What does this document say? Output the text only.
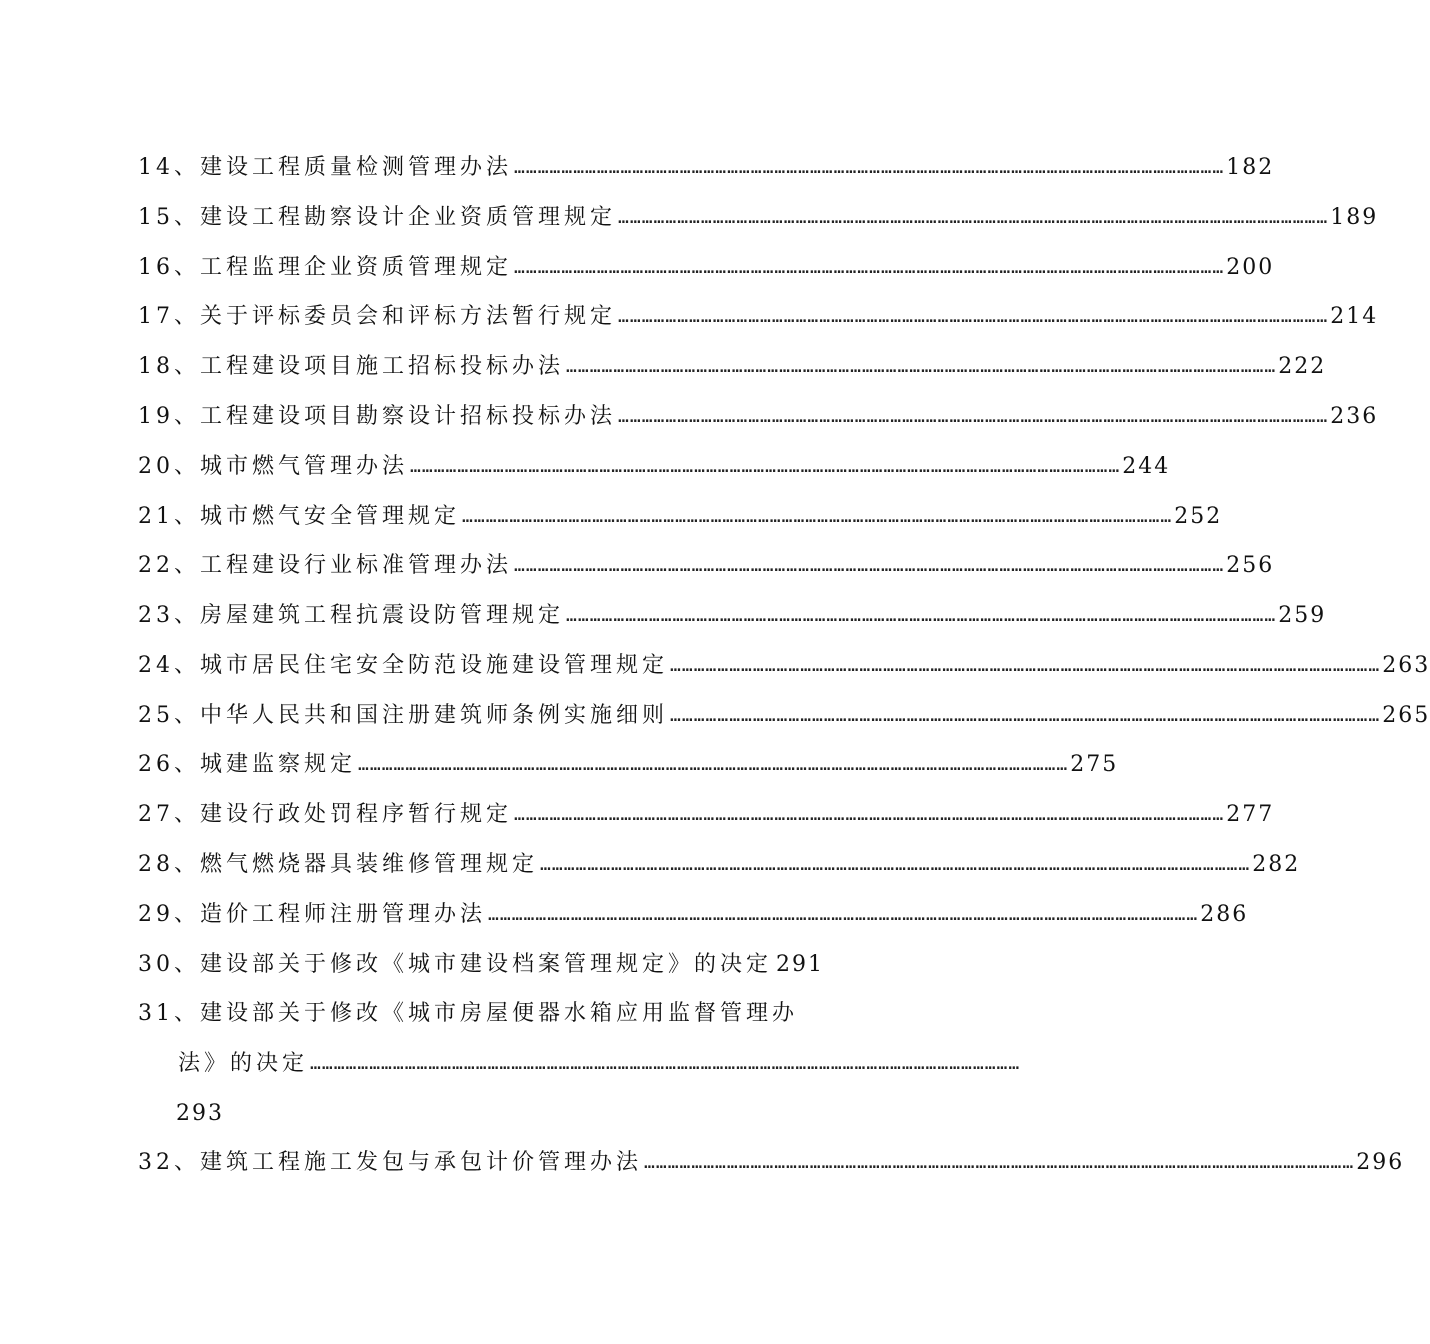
14、 建设工程质量检测管理办法 ……………………………………………………………………………………………………………………………………………………………… 182
15、 建设工程勘察设计企业资质管理规定 ……………………………………………………………………………………………………………………………………………………………… 189
16、 工程监理企业资质管理规定 ……………………………………………………………………………………………………………………………………………………………… 200
17、 关于评标委员会和评标方法暂行规定 ……………………………………………………………………………………………………………………………………………………………… 214
18、 工程建设项目施工招标投标办法 ……………………………………………………………………………………………………………………………………………………………… 222
19、 工程建设项目勘察设计招标投标办法 ……………………………………………………………………………………………………………………………………………………………… 236
20、 城市燃气管理办法 ……………………………………………………………………………………………………………………………………………………………… 244
21、 城市燃气安全管理规定 ……………………………………………………………………………………………………………………………………………………………… 252
22、 工程建设行业标准管理办法 ……………………………………………………………………………………………………………………………………………………………… 256
23、 房屋建筑工程抗震设防管理规定 ……………………………………………………………………………………………………………………………………………………………… 259
24、 城市居民住宅安全防范设施建设管理规定 ……………………………………………………………………………………………………………………………………………………………… 263
25、 中华人民共和国注册建筑师条例实施细则 ……………………………………………………………………………………………………………………………………………………………… 265
26、 城建监察规定 ……………………………………………………………………………………………………………………………………………………………… 275
27、 建设行政处罚程序暂行规定 ……………………………………………………………………………………………………………………………………………………………… 277
28、 燃气燃烧器具装维修管理规定 ……………………………………………………………………………………………………………………………………………………………… 282
29、 造价工程师注册管理办法 ……………………………………………………………………………………………………………………………………………………………… 286
30、 建设部关于修改《城市建设档案管理规定》的决定 291
31、 建设部关于修改《城市房屋便器水箱应用监督管理办
法》的决定 ………………………………………………………………………………………………………………………………………………………………
293
32、 建筑工程施工发包与承包计价管理办法 ……………………………………………………………………………………………………………………………………………………………… 296
